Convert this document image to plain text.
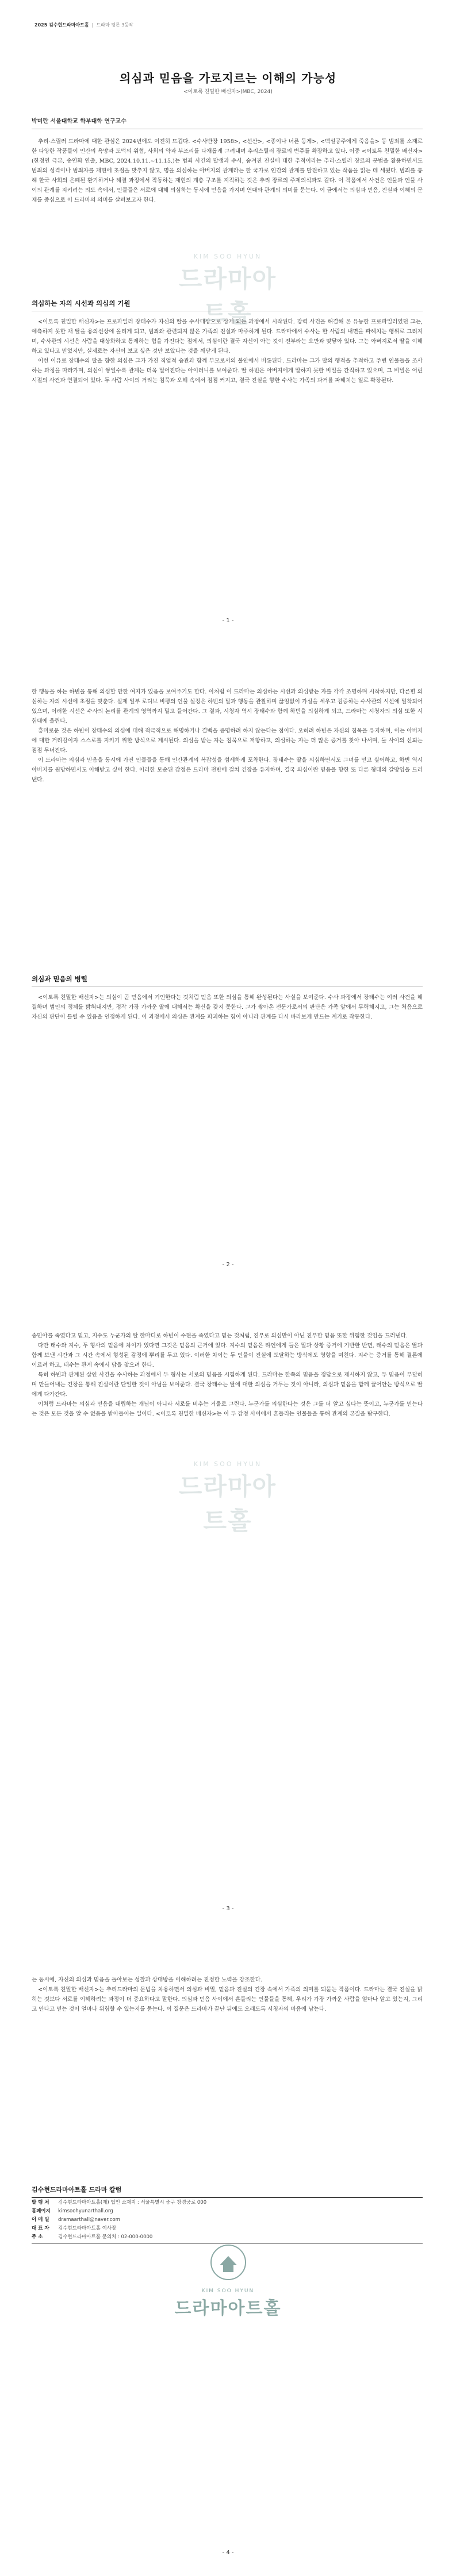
2025 김수현드라마아트홀  |  드라마 평론 3등작
의심과 믿음을 가로지르는 이해의 가능성
<이토록 친밀한 배신자>(MBC, 2024)
박미란 서울대학교 학부대학 연구교수

추리·스릴러 드라마에 대한 관심은 2024년에도 여전히 뜨겁다. <수사반장 1958>, <선산>, <종이나 너른 둥게>, <백설공주에게 죽음을> 등 범죄를 소재로 한 다양한 작품들이 인간의 욕망과 도덕의 위협, 사회의 약과 부조리를 다채롭게 그려내며 추리스릴러 장르의 변주를 확장하고 있다. 이중 <이토록 친밀한 배신자>(한정연 극본, 송연화 연출, MBC, 2024.10.11.~11.15.)는 범죄 사건의 발생과 수사, 숨겨진 진실에 대한 추적이라는 추리·스릴러 장르의 문법을 활용하면서도 범죄의 성격이나 범죄자를 재현에 초점을 맞추지 않고, 명을 의심하는 아버지의 관계라는 한 국가로 인간의 관계를 발견하고 있는 작품을 읽는 데 세웠다. 범죄를 통해 한국 사회의 은폐된 환기하거나 해결 과정에서 작동하는 재현의 계층 구조를 지적하는 것은 추리 장르의 주제의식과도 같다. 이 작품에서 사건은 인물과 인물 사이의 관계를 지키려는 의도 속에서, 인물들은 서로에 대해 의심하는 동시에 믿음을 가지며 연대와 관계의 의미를 묻는다. 이 글에서는 의심과 믿음, 진실과 이해의 문제를 중심으로 이 드라마의 의미를 살펴보고자 한다.

의심하는 자의 시선과 의심의 기원

<이토록 친밀한 배신자>는 프로파일러 장태수가 자신의 딸을 수사대상으로 삼게 되는 과정에서 시작된다. 강력 사건을 해결해 온 유능한 프로파일러였던 그는, 예측하지 못한 채 딸을 용의선상에 올리게 되고, 범죄와 관련되지 않은 가족의 진실과 마주하게 된다. 드라마에서 수사는 한 사람의 내면을 파헤치는 행위로 그려지며, 수사관의 시선은 사람을 대상화하고 통제하는 힘을 가진다는 점에서, 의심이란 결국 자신이 아는 것이 전부라는 오만과 맞닿아 있다. 그는 아버지로서 딸을 이해하고 있다고 믿었지만, 실제로는 자신이 보고 싶은 것만 보았다는 것을 깨닫게 된다.

이런 이유로 장태수의 딸을 향한 의심은 그가 가진 직업적 습관과 함께 부모로서의 불안에서 비롯된다. 드라마는 그가 딸의 행적을 추적하고 주변 인물들을 조사하는 과정을 따라가며, 의심이 쌓일수록 관계는 더욱 멀어진다는 아이러니를 보여준다. 딸 하빈은 아버지에게 말하지 못한 비밀을 간직하고 있으며, 그 비밀은 어린 시절의 사건과 연결되어 있다. 두 사람 사이의 거리는 침묵과 오해 속에서 점점 커지고, 결국 진실을 향한 수사는 가족의 과거를 파헤치는 일로 확장된다.

KIM SOO HYUN
드라마아트홀
- 1 -

한 행동을 하는 하빈을 통해 의심할 만한 여지가 있음을 보여주기도 한다. 이처럼 이 드라마는 의심하는 시선과 의심받는 자를 각각 조명하며 시작하지만, 다른편 의심하는 자의 시선에 초점을 맞춘다. 실제 일부 로디브 비평의 인물 설정은 하빈의 말과 행동을 관찰하며 끊임없이 가설을 세우고 검증하는 수사관의 시선에 밀착되어 있으며, 이러한 시선은 수사의 논리를 관계의 영역까지 밀고 들어간다. 그 결과, 시청자 역시 장태수와 함께 하빈을 의심하게 되고, 드라마는 시청자의 의심 또한 시험대에 올린다.

흥미로운 것은 하빈이 장태수의 의심에 대해 적극적으로 해명하거나 결백을 증명하려 하지 않는다는 점이다. 오히려 하빈은 자신의 침묵을 유지하며, 이는 아버지에 대한 거리감이자 스스로를 지키기 위한 방식으로 제시된다. 의심을 받는 자는 침묵으로 저항하고, 의심하는 자는 더 많은 증거를 찾아 나서며, 둘 사이의 신뢰는 점점 무너진다.

이 드라마는 의심과 믿음을 동시에 가진 인물들을 통해 인간관계의 복잡성을 섬세하게 포착한다. 장태수는 딸을 의심하면서도 그녀를 믿고 싶어하고, 하빈 역시 아버지를 원망하면서도 이해받고 싶어 한다. 이러한 모순된 감정은 드라마 전반에 걸쳐 긴장을 유지하며, 결국 의심이란 믿음을 향한 또 다른 형태의 갈망임을 드러낸다.

의심과 믿음의 병렬

<이토록 친밀한 배신자>는 의심이 곧 믿음에서 기인한다는 것처럼 믿음 또한 의심을 통해 완성된다는 사실을 보여준다. 수사 과정에서 장태수는 여러 사건을 해결하며 범인의 정체를 밝혀내지만, 정작 가장 가까운 딸에 대해서는 확신을 갖지 못한다. 그가 쌓아온 전문가로서의 판단은 가족 앞에서 무력해지고, 그는 처음으로 자신의 판단이 틀릴 수 있음을 인정하게 된다. 이 과정에서 의심은 관계를 파괴하는 힘이 아니라 관계를 다시 바라보게 만드는 계기로 작동한다.

- 2 -

송민아를 죽였다고 믿고, 지수도 누군가의 딸 한마디로 하빈이 수현을 죽였다고 믿는 것처럼, 진부로 의심만이 아닌 진부한 믿음 또한 위험한 것임을 드러낸다.

다만 태수와 지수, 두 형사의 믿음에 차이가 있다면 그것은 믿음의 근거에 있다. 지수의 믿음은 타인에게 들은 말과 상황 증거에 기반한 반면, 태수의 믿음은 딸과 함께 보낸 시간과 그 시간 속에서 형성된 감정에 뿌리를 두고 있다. 이러한 차이는 두 인물이 진실에 도달하는 방식에도 영향을 미친다. 지수는 증거를 통해 결론에 이르려 하고, 태수는 관계 속에서 답을 찾으려 한다.

특히 하빈과 관계된 살인 사건을 수사하는 과정에서 두 형사는 서로의 믿음을 시험하게 된다. 드라마는 한쪽의 믿음을 정답으로 제시하지 않고, 두 믿음이 부딪히며 만들어내는 긴장을 통해 진실이란 단일한 것이 아님을 보여준다. 결국 장태수는 딸에 대한 의심을 거두는 것이 아니라, 의심과 믿음을 함께 끌어안는 방식으로 딸에게 다가간다.

이처럼 드라마는 의심과 믿음을 대립하는 개념이 아니라 서로를 비추는 거울로 그린다. 누군가를 의심한다는 것은 그를 더 알고 싶다는 뜻이고, 누군가를 믿는다는 것은 모든 것을 알 수 없음을 받아들이는 일이다. <이토록 친밀한 배신자>는 이 두 감정 사이에서 흔들리는 인물들을 통해 관계의 본질을 탐구한다.

KIM SOO HYUN
드라마아트홀
- 3 -

는 동시에, 자신의 의심과 믿음을 돌아보는 성찰과 상대방을 이해하려는 진정한 노력을 강조한다.

<이토록 친밀한 배신자>는 추리드라마의 문법을 차용하면서 의심과 비밀, 믿음과 진실의 긴장 속에서 가족의 의미를 되묻는 작품이다. 드라마는 결국 진실을 밝히는 것보다 서로를 이해하려는 과정이 더 중요하다고 말한다. 의심과 믿음 사이에서 흔들리는 인물들을 통해, 우리가 가장 가까운 사람을 얼마나 알고 있는지, 그리고 안다고 믿는 것이 얼마나 위험할 수 있는지를 묻는다. 이 질문은 드라마가 끝난 뒤에도 오래도록 시청자의 마음에 남는다.

김수현드라마아트홀 드라마 칼럼
발 행 처	김수현드라마아트홀(재) 법인 소재지 : 서울특별시 중구 창경궁로 000
홈페이지	kimsoohyunarthall.org
이 메 일	dramaarthall@naver.com
대 표 자	김수현드라마아트홀 이사장
주 소	김수현드라마아트홀 문의처 : 02-000-0000
KIM SOO HYUN
드라마아트홀
- 4 -
